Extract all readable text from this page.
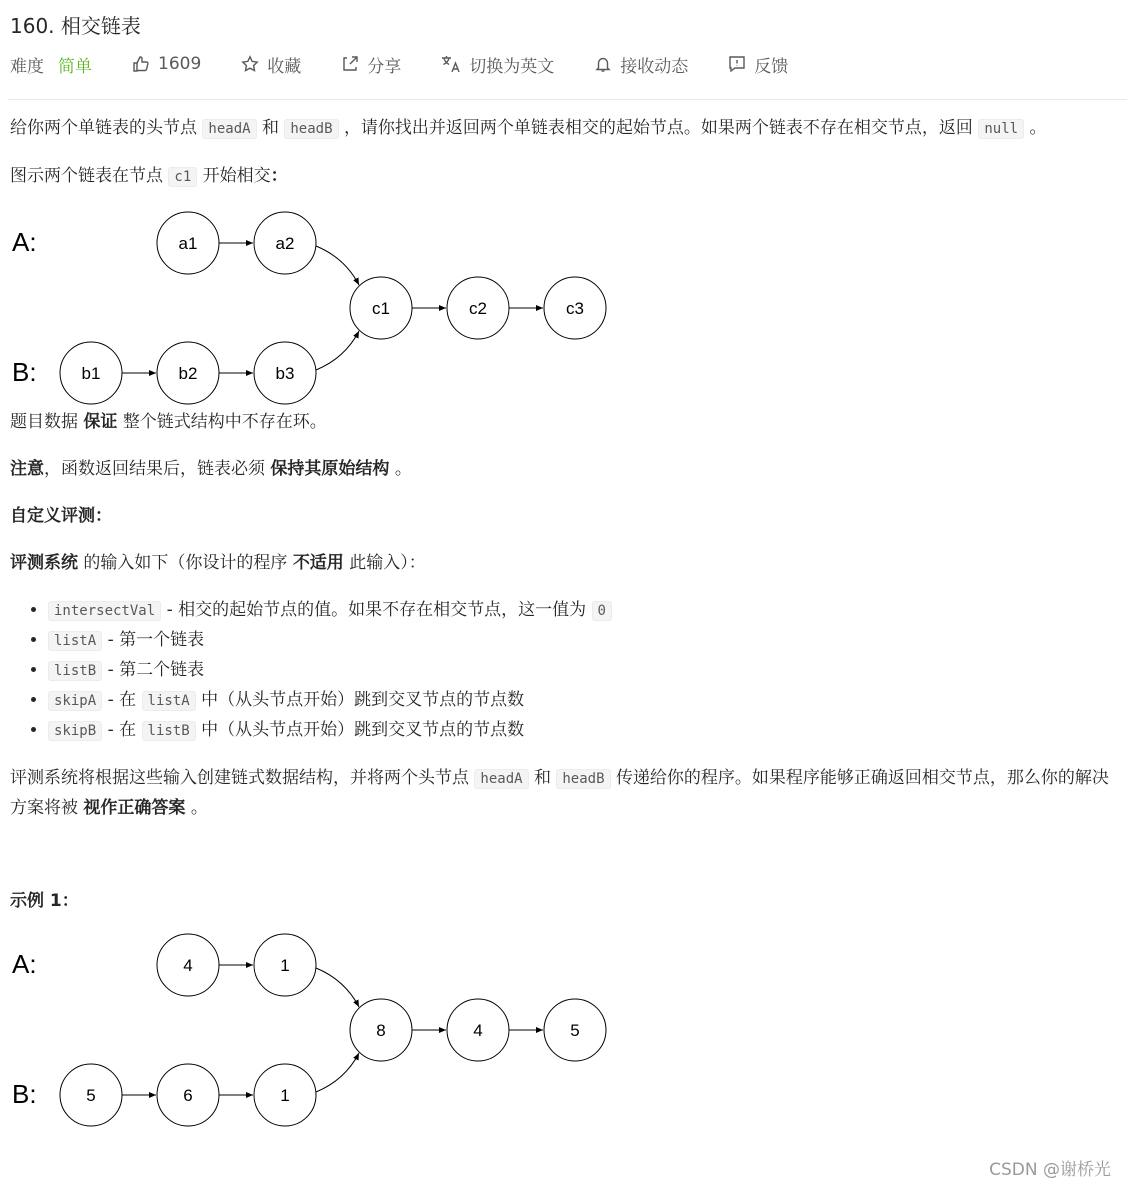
160. 相交链表
难度 简单	1609	收藏	分享	切换为英文	接收动态	反馈

给你两个单链表的头节点 headA 和 headB ，请你找出并返回两个单链表相交的起始节点。如果两个链表不存在相交节点，返回 null 。

图示两个链表在节点 c1 开始相交：

A:
B:
a1	a2
b1	b2	b3
c1	c2	c3

题目数据 保证 整个链式结构中不存在环。

注意，函数返回结果后，链表必须 保持其原始结构 。

自定义评测：

评测系统 的输入如下（你设计的程序 不适用 此输入）：

• intersectVal - 相交的起始节点的值。如果不存在相交节点，这一值为 0
• listA - 第一个链表
• listB - 第二个链表
• skipA - 在 listA 中（从头节点开始）跳到交叉节点的节点数
• skipB - 在 listB 中（从头节点开始）跳到交叉节点的节点数

评测系统将根据这些输入创建链式数据结构，并将两个头节点 headA 和 headB 传递给你的程序。如果程序能够正确返回相交节点，那么你的解决方案将被 视作正确答案 。

示例 1：

A:
B:
4	1
5	6	1
8	4	5
CSDN @谢桥光
